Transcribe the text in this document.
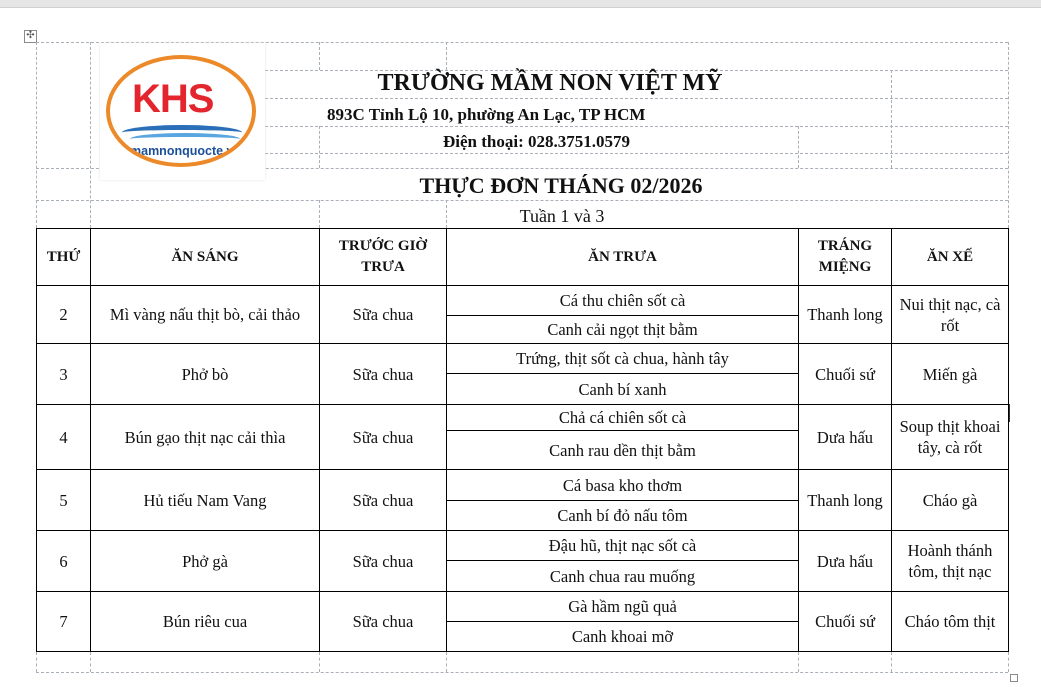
✣
KHS
mamnonquocte.vn
TRƯỜNG MẦM NON VIỆT MỸ
893C Tỉnh Lộ 10, phường An Lạc, TP HCM
Điện thoại: 028.3751.0579
THỰC ĐƠN THÁNG 02/2026
Tuần 1 và 3
THỨ	ĂN SÁNG	TRƯỚC GIỜ TRƯA	ĂN TRƯA	TRÁNG MIỆNG	ĂN XẾ
2	Mì vàng nấu thịt bò, cải thảo	Sữa chua	Cá thu chiên sốt cà	Thanh long	Nui thịt nạc, cà rốt
			Canh cải ngọt thịt bằm		
3	Phở bò	Sữa chua	Trứng, thịt sốt cà chua, hành tây	Chuối sứ	Miến gà
			Canh bí xanh		
4	Bún gạo thịt nạc cải thìa	Sữa chua	Chả cá chiên sốt cà	Dưa hấu	Soup thịt khoai tây, cà rốt
			Canh rau dền thịt bằm		
5	Hủ tiếu Nam Vang	Sữa chua	Cá basa kho thơm	Thanh long	Cháo gà
			Canh bí đỏ nấu tôm		
6	Phở gà	Sữa chua	Đậu hũ, thịt nạc sốt cà	Dưa hấu	Hoành thánh tôm, thịt nạc
			Canh chua rau muống		
7	Bún riêu cua	Sữa chua	Gà hầm ngũ quả	Chuối sứ	Cháo tôm thịt
			Canh khoai mỡ		
